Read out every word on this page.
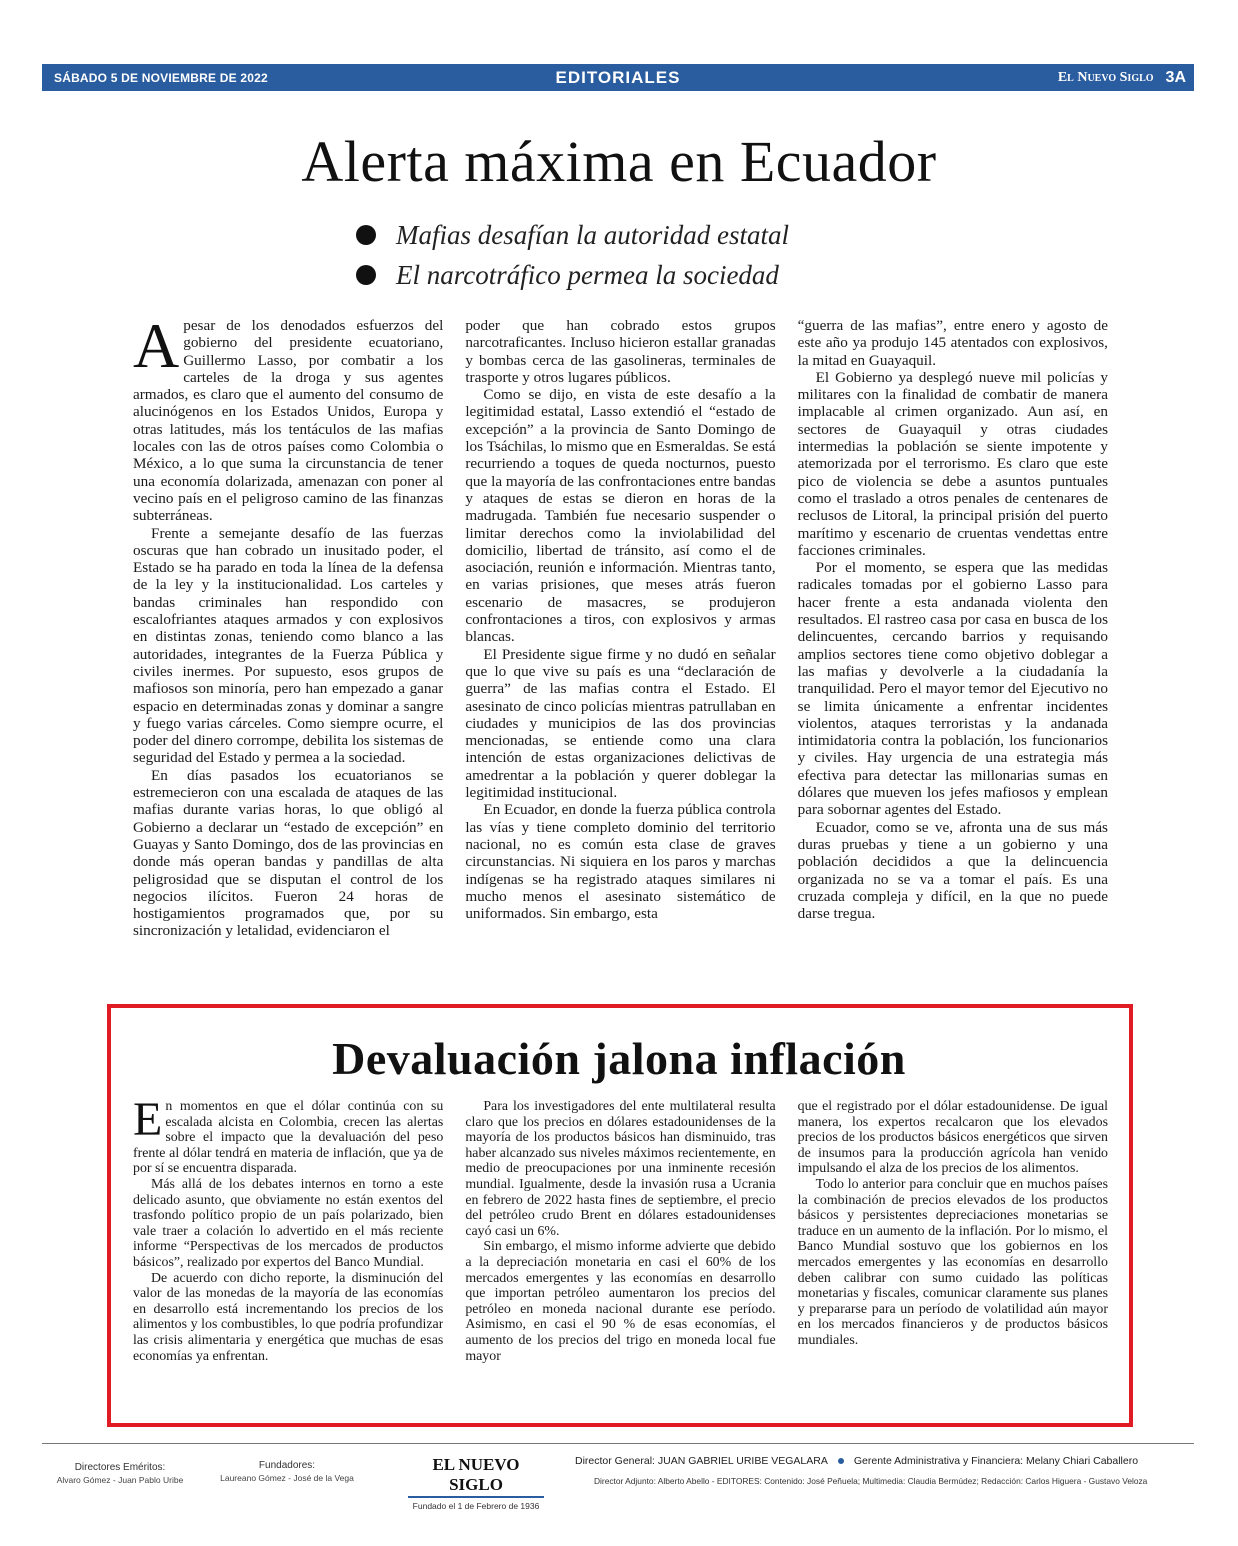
SÁBADO 5 DE NOVIEMBRE DE 2022	EDITORIALES	El Nuevo Siglo 3A
Alerta máxima en Ecuador
Mafias desafían la autoridad estatal
El narcotráfico permea la sociedad

Apesar de los denodados esfuerzos del gobierno del presidente ecuatoriano, Guillermo Lasso, por combatir a los carteles de la droga y sus agentes armados, es claro que el aumento del consumo de alucinógenos en los Estados Unidos, Europa y otras latitudes, más los tentáculos de las mafias locales con las de otros países como Colombia o México, a lo que suma la circunstancia de tener una economía dolarizada, amenazan con poner al vecino país en el peligroso camino de las finanzas subterráneas.

Frente a semejante desafío de las fuerzas oscuras que han cobrado un inusitado poder, el Estado se ha parado en toda la línea de la defensa de la ley y la institucionalidad. Los carteles y bandas criminales han respondido con escalofriantes ataques armados y con explosivos en distintas zonas, teniendo como blanco a las autoridades, integrantes de la Fuerza Pública y civiles inermes. Por supuesto, esos grupos de mafiosos son minoría, pero han empezado a ganar espacio en determinadas zonas y dominar a sangre y fuego varias cárceles. Como siempre ocurre, el poder del dinero corrompe, debilita los sistemas de seguridad del Estado y permea a la sociedad.

En días pasados los ecuatorianos se estremecieron con una escalada de ataques de las mafias durante varias horas, lo que obligó al Gobierno a declarar un “estado de excepción” en Guayas y Santo Domingo, dos de las provincias en donde más operan bandas y pandillas de alta peligrosidad que se disputan el control de los negocios ilícitos. Fueron 24 horas de hostigamientos programados que, por su sincronización y letalidad, evidenciaron el

poder que han cobrado estos grupos narcotraficantes. Incluso hicieron estallar granadas y bombas cerca de las gasolineras, terminales de trasporte y otros lugares públicos.

Como se dijo, en vista de este desafío a la legitimidad estatal, Lasso extendió el “estado de excepción” a la provincia de Santo Domingo de los Tsáchilas, lo mismo que en Esmeraldas. Se está recurriendo a toques de queda nocturnos, puesto que la mayoría de las confrontaciones entre bandas y ataques de estas se dieron en horas de la madrugada. También fue necesario suspender o limitar derechos como la inviolabilidad del domicilio, libertad de tránsito, así como el de asociación, reunión e información. Mientras tanto, en varias prisiones, que meses atrás fueron escenario de masacres, se produjeron confrontaciones a tiros, con explosivos y armas blancas.

El Presidente sigue firme y no dudó en señalar que lo que vive su país es una “declaración de guerra” de las mafias contra el Estado. El asesinato de cinco policías mientras patrullaban en ciudades y municipios de las dos provincias mencionadas, se entiende como una clara intención de estas organizaciones delictivas de amedrentar a la población y querer doblegar la legitimidad institucional.

En Ecuador, en donde la fuerza pública controla las vías y tiene completo dominio del territorio nacional, no es común esta clase de graves circunstancias. Ni siquiera en los paros y marchas indígenas se ha registrado ataques similares ni mucho menos el asesinato sistemático de uniformados. Sin embargo, esta

“guerra de las mafias”, entre enero y agosto de este año ya produjo 145 atentados con explosivos, la mitad en Guayaquil.

El Gobierno ya desplegó nueve mil policías y militares con la finalidad de combatir de manera implacable al crimen organizado. Aun así, en sectores de Guayaquil y otras ciudades intermedias la población se siente impotente y atemorizada por el terrorismo. Es claro que este pico de violencia se debe a asuntos puntuales como el traslado a otros penales de centenares de reclusos de Litoral, la principal prisión del puerto marítimo y escenario de cruentas vendettas entre facciones criminales.

Por el momento, se espera que las medidas radicales tomadas por el gobierno Lasso para hacer frente a esta andanada violenta den resultados. El rastreo casa por casa en busca de los delincuentes, cercando barrios y requisando amplios sectores tiene como objetivo doblegar a las mafias y devolverle a la ciudadanía la tranquilidad. Pero el mayor temor del Ejecutivo no se limita únicamente a enfrentar incidentes violentos, ataques terroristas y la andanada intimidatoria contra la población, los funcionarios y civiles. Hay urgencia de una estrategia más efectiva para detectar las millonarias sumas en dólares que mueven los jefes mafiosos y emplean para sobornar agentes del Estado.

Ecuador, como se ve, afronta una de sus más duras pruebas y tiene a un gobierno y una población decididos a que la delincuencia organizada no se va a tomar el país. Es una cruzada compleja y difícil, en la que no puede darse tregua.

Devaluación jalona inflación

En momentos en que el dólar continúa con su escalada alcista en Colombia, crecen las alertas sobre el impacto que la devaluación del peso frente al dólar tendrá en materia de inflación, que ya de por sí se encuentra disparada.

Más allá de los debates internos en torno a este delicado asunto, que obviamente no están exentos del trasfondo político propio de un país polarizado, bien vale traer a colación lo advertido en el más reciente informe “Perspectivas de los mercados de productos básicos”, realizado por expertos del Banco Mundial.

De acuerdo con dicho reporte, la disminución del valor de las monedas de la mayoría de las economías en desarrollo está incrementando los precios de los alimentos y los combustibles, lo que podría profundizar las crisis alimentaria y energética que muchas de esas economías ya enfrentan.

Para los investigadores del ente multilateral resulta claro que los precios en dólares estadounidenses de la mayoría de los productos básicos han disminuido, tras haber alcanzado sus niveles máximos recientemente, en medio de preocupaciones por una inminente recesión mundial. Igualmente, desde la invasión rusa a Ucrania en febrero de 2022 hasta fines de septiembre, el precio del petróleo crudo Brent en dólares estadounidenses cayó casi un 6%.

Sin embargo, el mismo informe advierte que debido a la depreciación monetaria en casi el 60% de los mercados emergentes y las economías en desarrollo que importan petróleo aumentaron los precios del petróleo en moneda nacional durante ese período. Asimismo, en casi el 90 % de esas economías, el aumento de los precios del trigo en moneda local fue mayor

que el registrado por el dólar estadounidense. De igual manera, los expertos recalcaron que los elevados precios de los productos básicos energéticos que sirven de insumos para la producción agrícola han venido impulsando el alza de los precios de los alimentos.

Todo lo anterior para concluir que en muchos países la combinación de precios elevados de los productos básicos y persistentes depreciaciones monetarias se traduce en un aumento de la inflación. Por lo mismo, el Banco Mundial sostuvo que los gobiernos en los mercados emergentes y las economías en desarrollo deben calibrar con sumo cuidado las políticas monetarias y fiscales, comunicar claramente sus planes y prepararse para un período de volatilidad aún mayor en los mercados financieros y de productos básicos mundiales.

Directores Eméritos:
Alvaro Gómez - Juan Pablo Uribe
Fundadores:
Laureano Gómez - José de la Vega
EL NUEVO SIGLO
Fundado el 1 de Febrero de 1936
Director General: JUAN GABRIEL URIBE VEGALARA Gerente Administrativa y Financiera: Melany Chiari Caballero
Director Adjunto: Alberto Abello - EDITORES: Contenido: José Peñuela; Multimedia: Claudia Bermúdez; Redacción: Carlos Higuera - Gustavo Veloza
